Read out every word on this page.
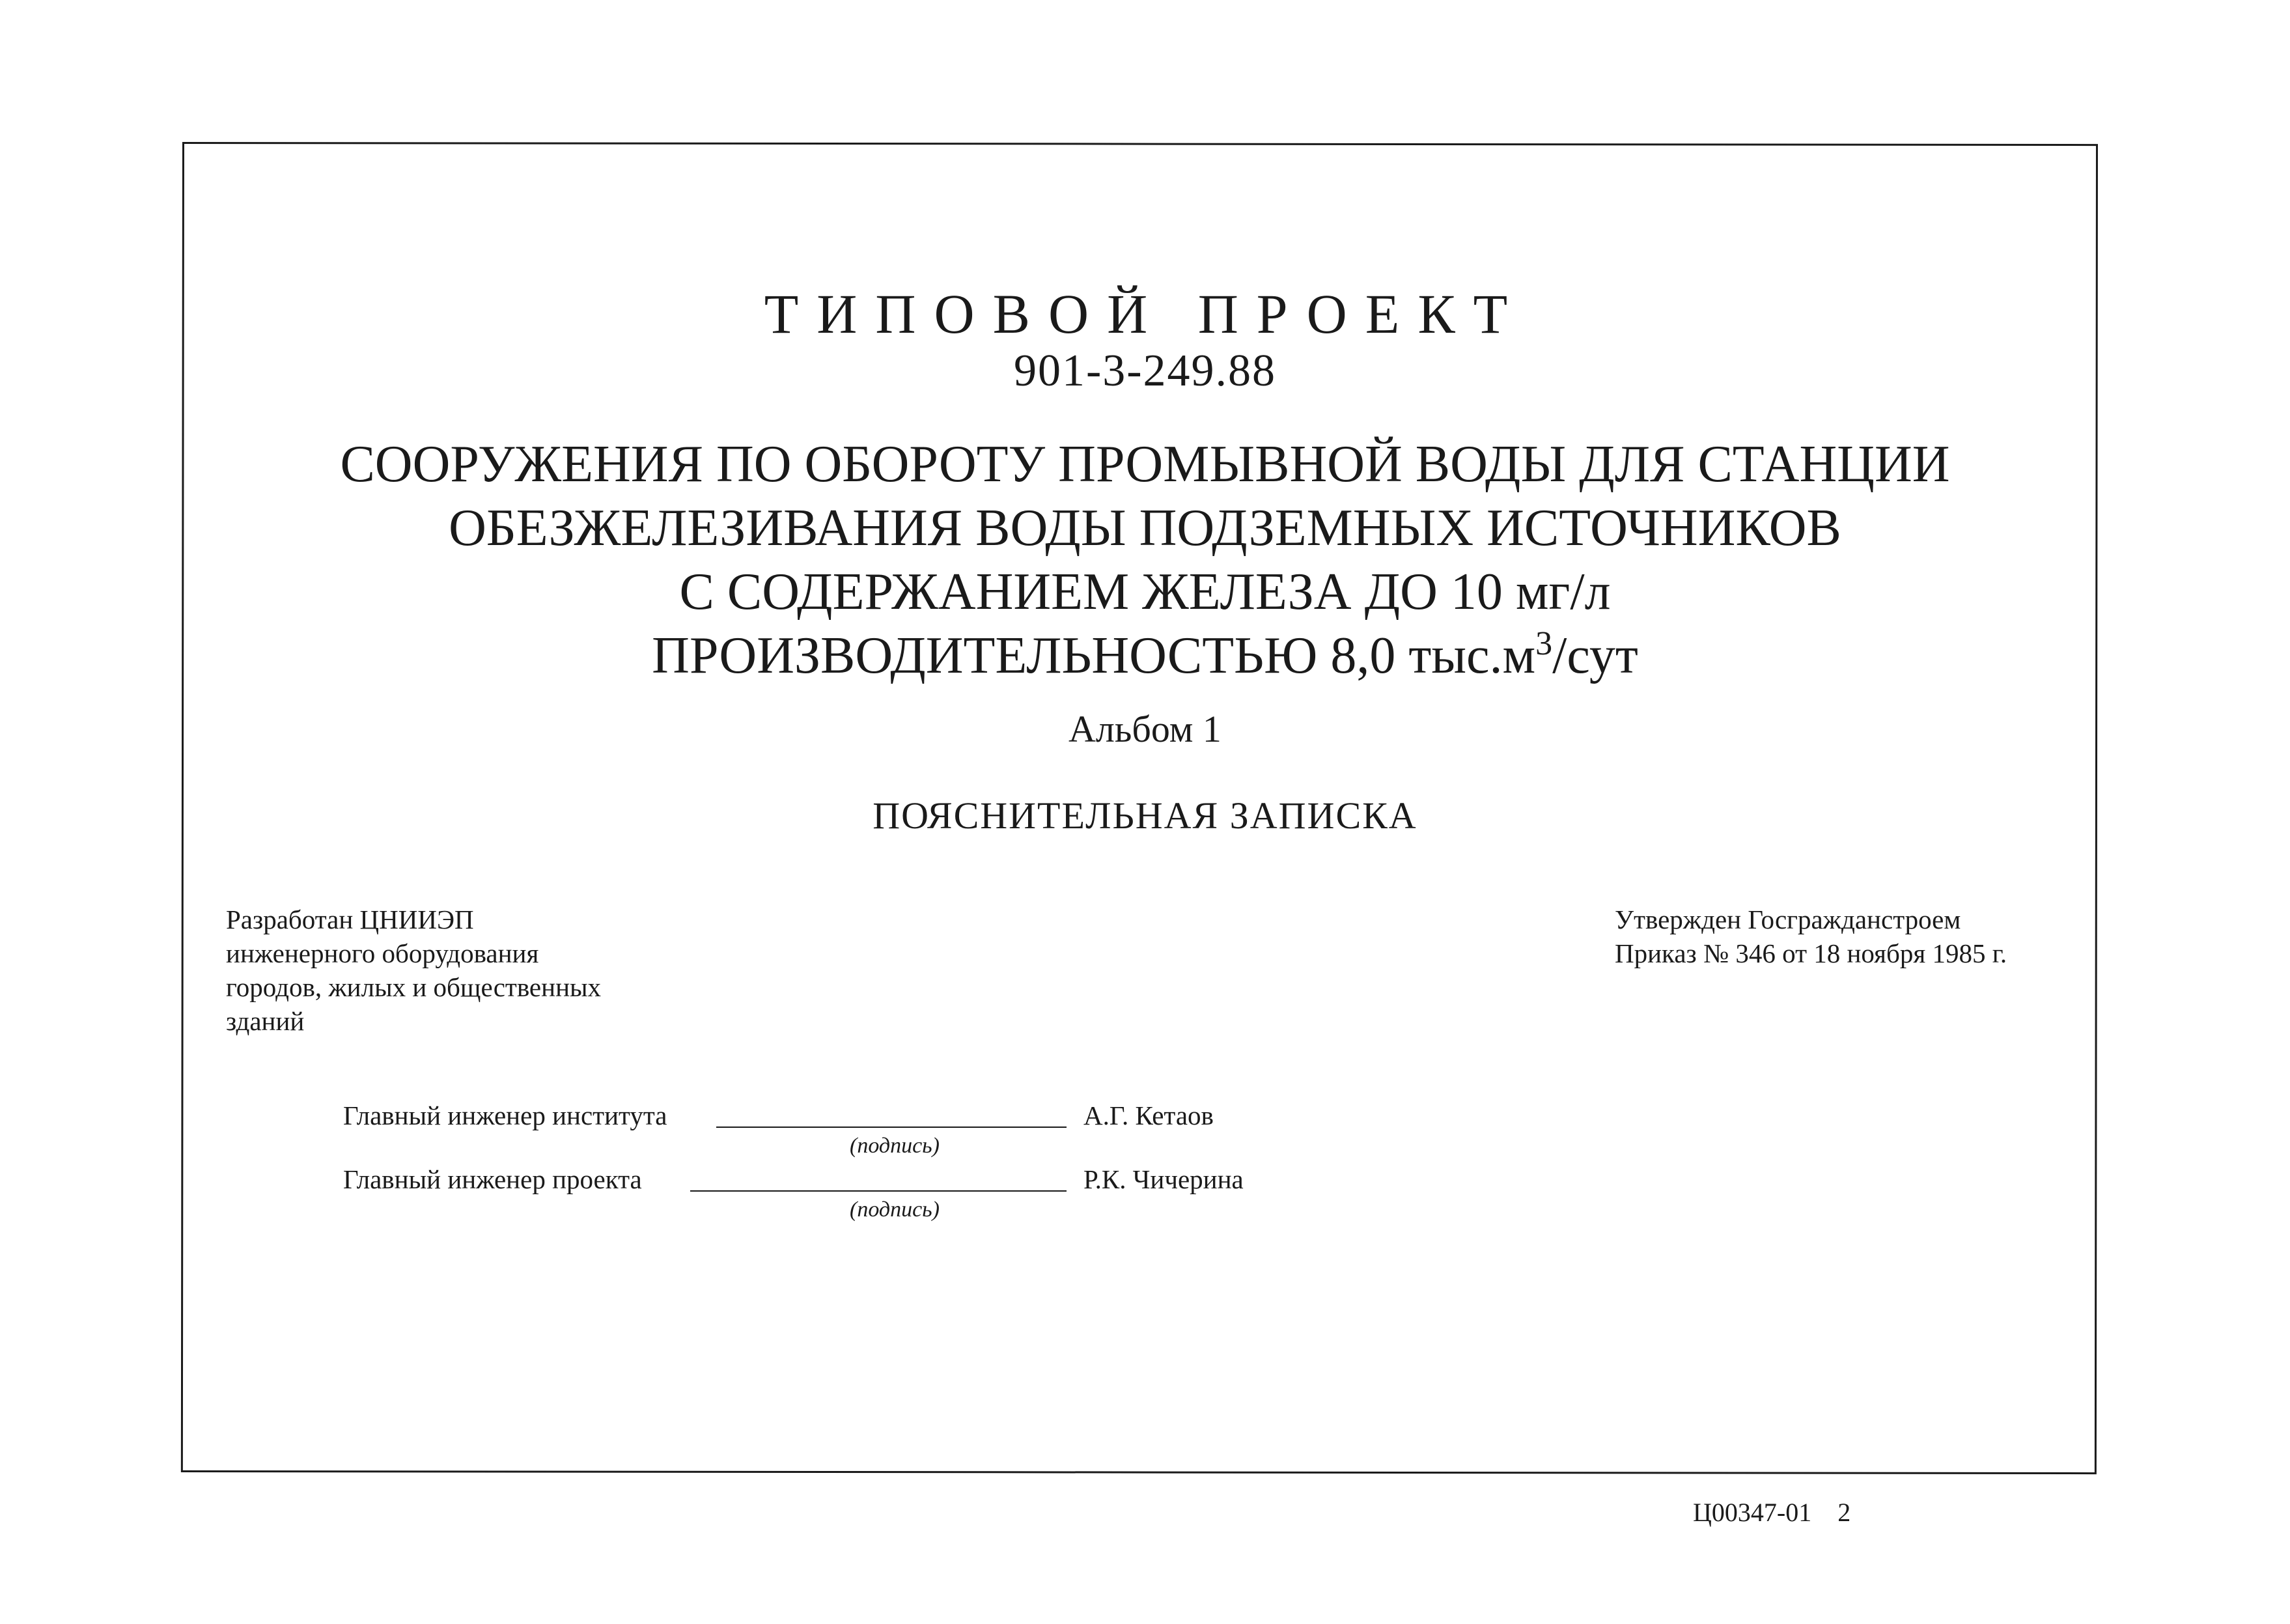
ТИПОВОЙ ПРОЕКТ
901-3-249.88
СООРУЖЕНИЯ ПО ОБОРОТУ ПРОМЫВНОЙ ВОДЫ ДЛЯ СТАНЦИИ
ОБЕЗЖЕЛЕЗИВАНИЯ ВОДЫ ПОДЗЕМНЫХ ИСТОЧНИКОВ
С СОДЕРЖАНИЕМ ЖЕЛЕЗА ДО 10 мг/л
ПРОИЗВОДИТЕЛЬНОСТЬЮ 8,0 $тыс.м^3$/сут
Альбом 1
ПОЯСНИТЕЛЬНАЯ ЗАПИСКА
Разработан ЦНИИЭП
инженерного оборудования
городов, жилых и общественных
зданий
Утвержден Госгражданстроем
Приказ № 346 от 18 ноября 1985 г.
Главный инженер института
(подпись)
А.Г. Кетаов
Главный инженер проекта
(подпись)
Р.К. Чичерина
Ц00347-01 2
